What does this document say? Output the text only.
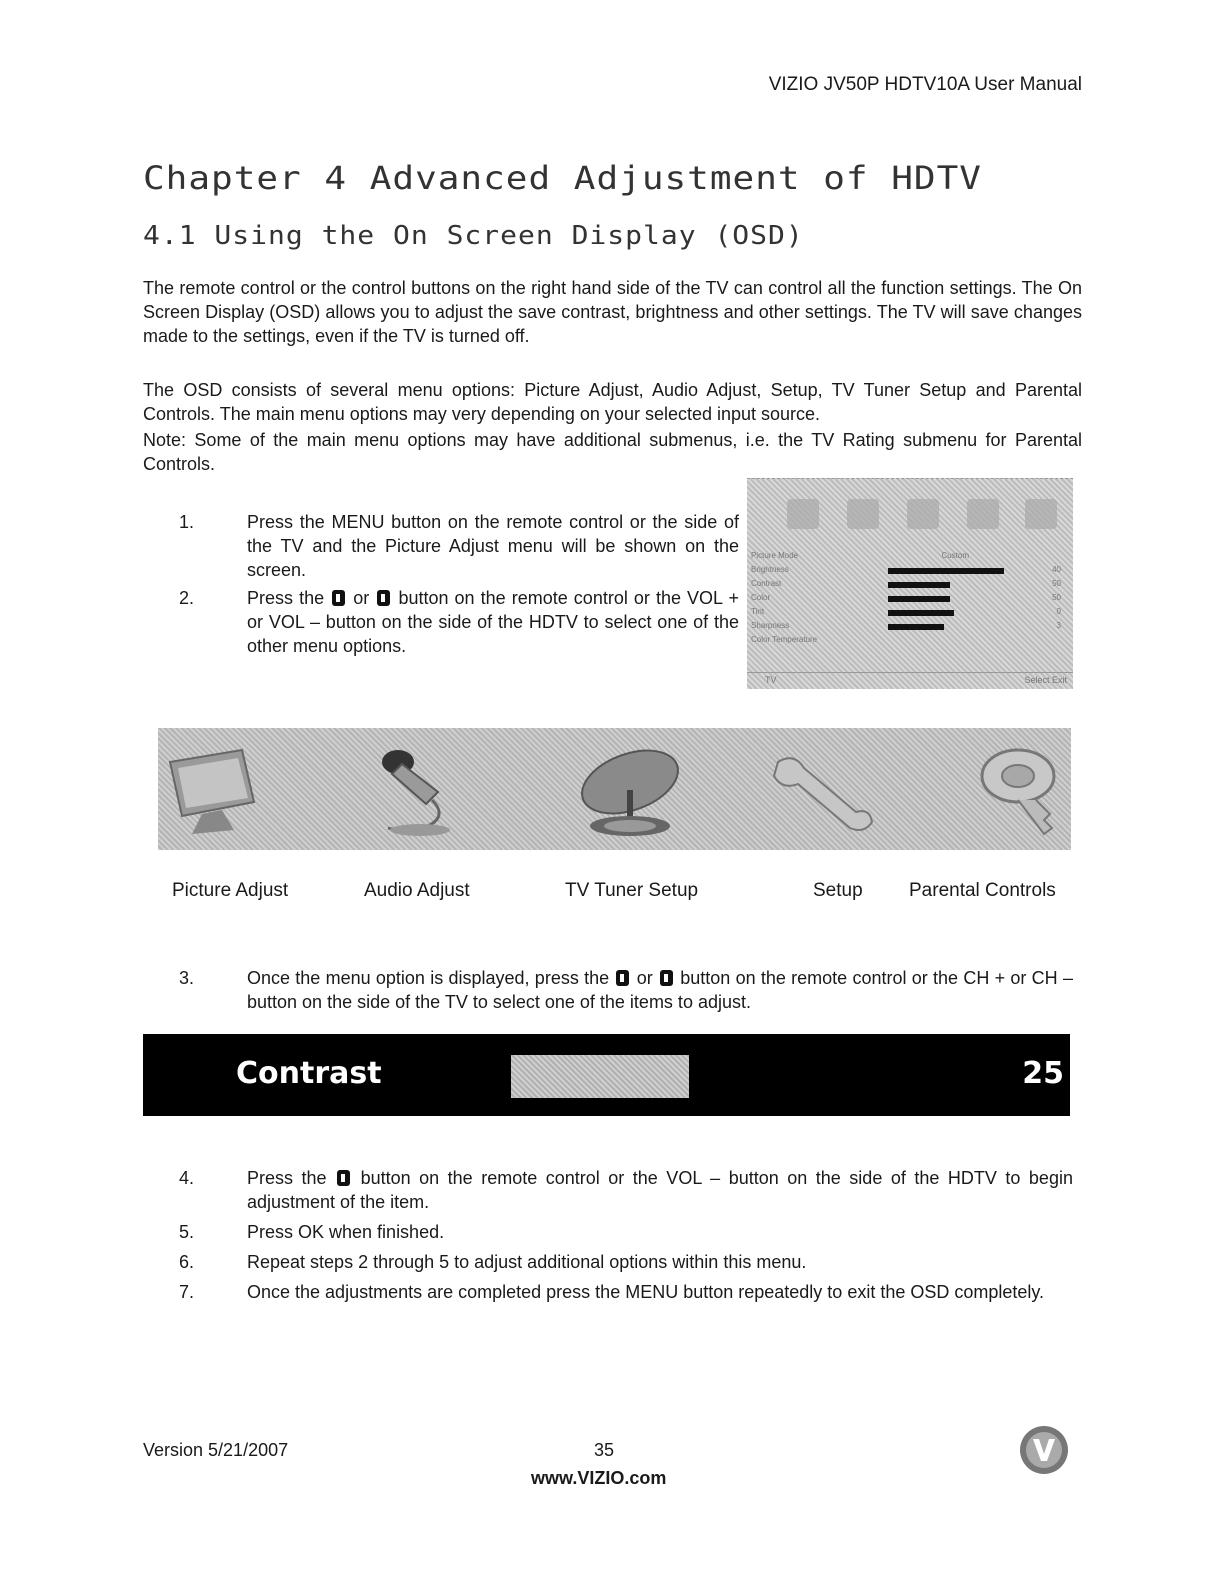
VIZIO JV50P HDTV10A User Manual
Chapter 4 Advanced Adjustment of HDTV
4.1 Using the On Screen Display (OSD)
The remote control or the control buttons on the right hand side of the TV can control all the function settings. The On Screen Display (OSD) allows you to adjust the save contrast, brightness and other settings. The TV will save changes made to the settings, even if the TV is turned off.
The OSD consists of several menu options: Picture Adjust, Audio Adjust, Setup, TV Tuner Setup and Parental Controls. The main menu options may very depending on your selected input source.
Note: Some of the main menu options may have additional submenus, i.e. the TV Rating submenu for Parental Controls.
1.	Press the MENU button on the remote control or the side of the TV and the Picture Adjust menu will be shown on the screen.
2.	Press the or button on the remote control or the VOL + or VOL – button on the side of the HDTV to select one of the other menu options.
Picture Mode	Custom
Brightness	40
Contrast	50
Color	50
Tint	0
Sharpness	3
Color Temperature
TV	Select Exit
Picture Adjust	Audio Adjust	TV Tuner Setup	Setup Parental Controls
3.	Once the menu option is displayed, press the or button on the remote control or the CH + or CH – button on the side of the TV to select one of the items to adjust.
Contrast	25
4.	Press the button on the remote control or the VOL – button on the side of the HDTV to begin adjustment of the item.
5.	Press OK when finished.
6.	Repeat steps 2 through 5 to adjust additional options within this menu.
7.	Once the adjustments are completed press the MENU button repeatedly to exit the OSD completely.
Version 5/21/2007	35
www.VIZIO.com
